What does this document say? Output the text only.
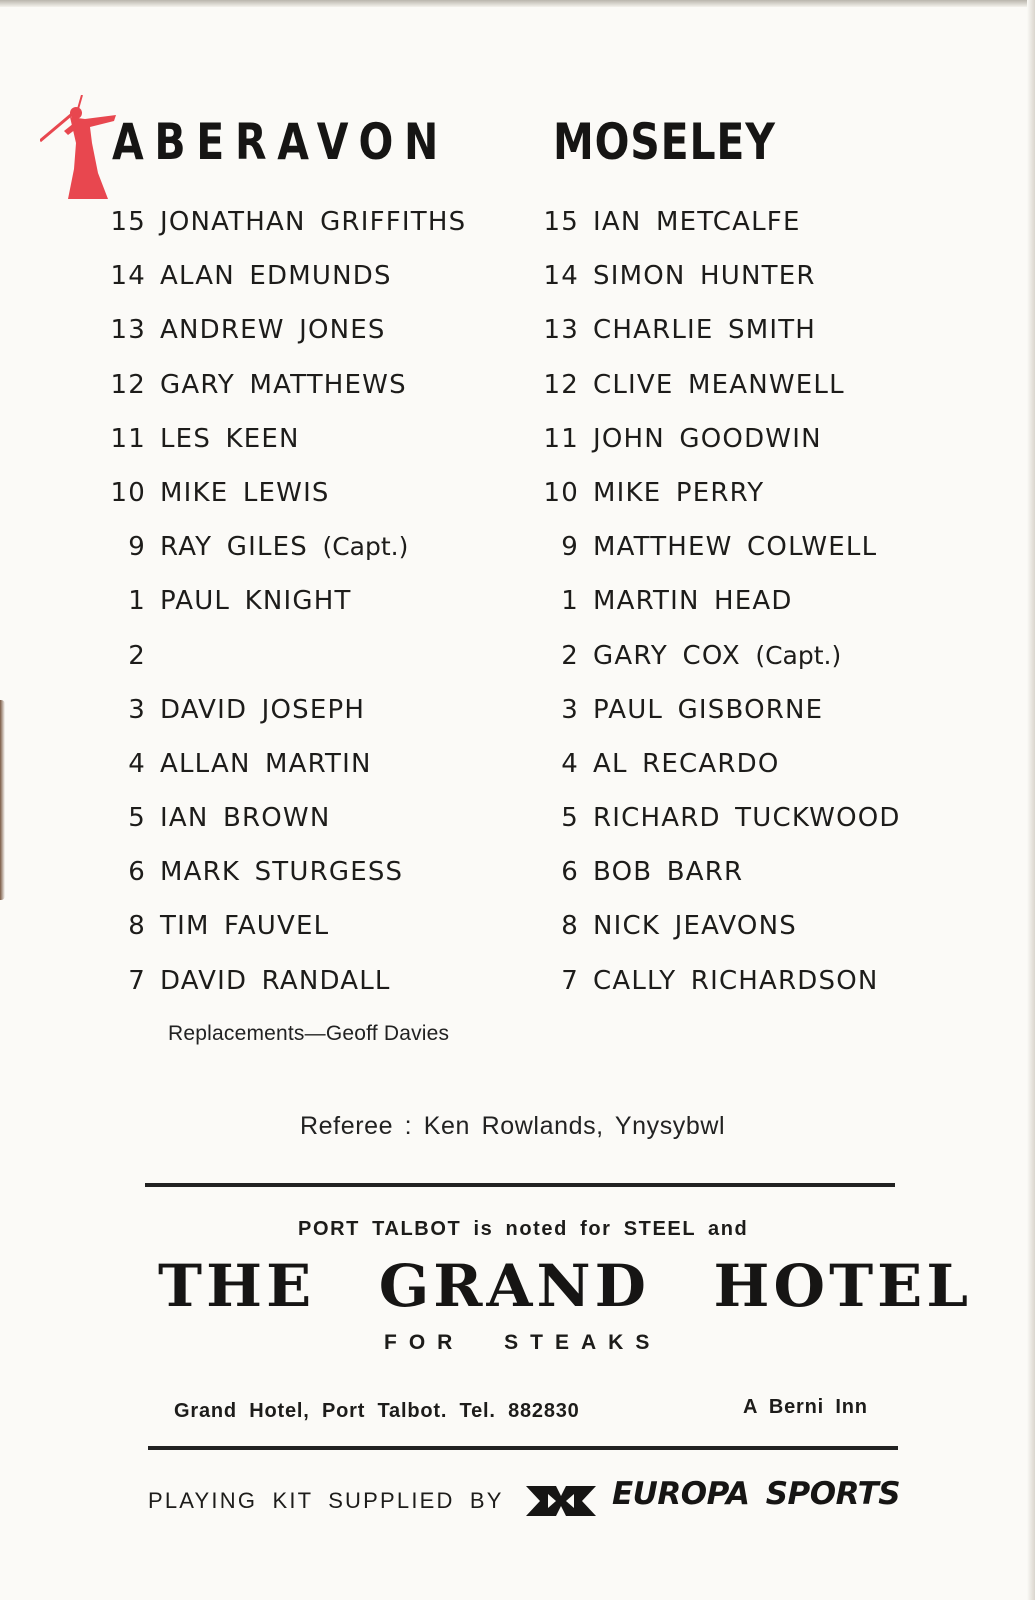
ABERAVON MOSELEY
15 JONATHAN GRIFFITHS
14 ALAN EDMUNDS
13 ANDREW JONES
12 GARY MATTHEWS
11 LES KEEN
10 MIKE LEWIS
9 RAY GILES
(Capt.)
1 PAUL KNIGHT
2
3 DAVID JOSEPH
4 ALLAN MARTIN
5 IAN BROWN
6 MARK STURGESS
8 TIM FAUVEL
7 DAVID RANDALL
15 IAN METCALFE
14 SIMON HUNTER
13 CHARLIE SMITH
12 CLIVE MEANWELL
11 JOHN GOODWIN
10 MIKE PERRY
9 MATTHEW COLWELL
1 MARTIN HEAD
2 GARY COX
(Capt.)
3 PAUL GISBORNE
4 AL RECARDO
5 RICHARD TUCKWOOD
6 BOB BARR
8 NICK JEAVONS
7 CALLY RICHARDSON
Replacements—Geoff Davies
Referee : Ken Rowlands, Ynysybwl
PORT TALBOT is noted for STEEL and
THE GRAND HOTEL
FOR STEAKS
Grand Hotel, Port Talbot. Tel. 882830	A Berni Inn
PLAYING KIT SUPPLIED BY	EUROPA SPORTS
